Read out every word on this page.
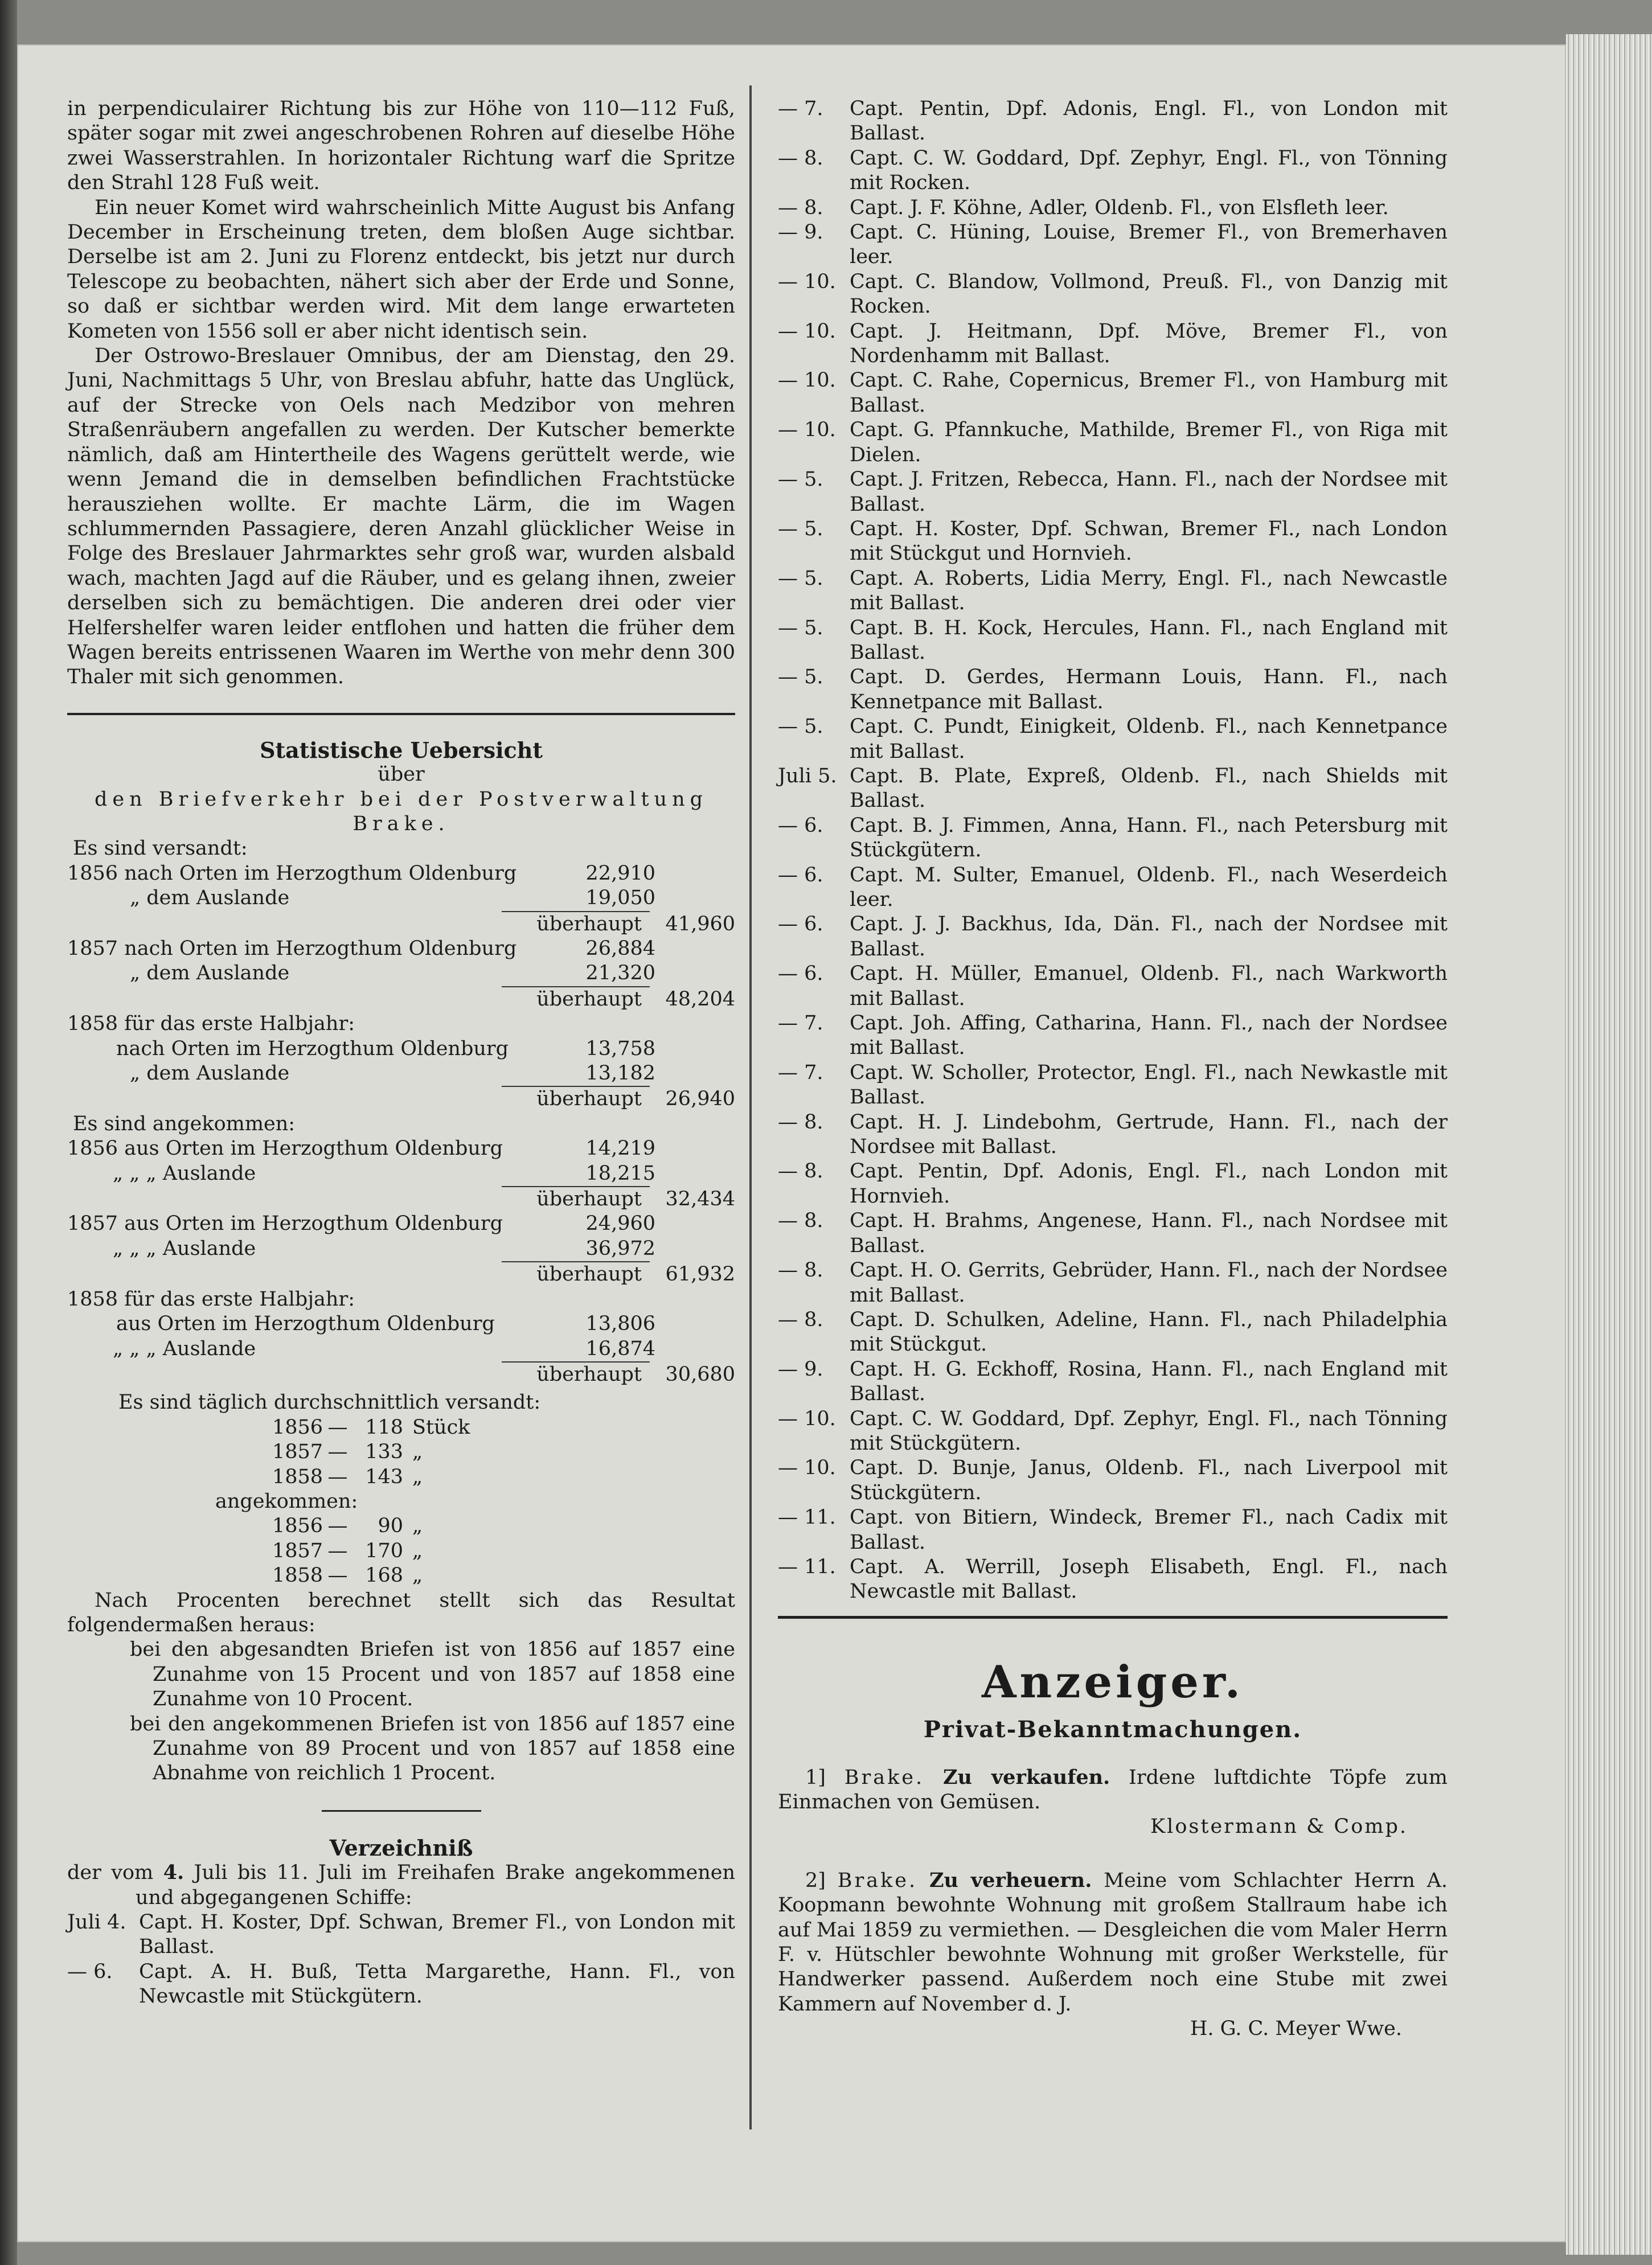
in perpendiculairer Richtung bis zur Höhe von 110—112 Fuß, später sogar mit zwei angeschrobenen Rohren auf dieselbe Höhe zwei Wasserstrahlen. In horizontaler Richtung warf die Spritze den Strahl 128 Fuß weit.

Ein neuer Komet wird wahrscheinlich Mitte August bis Anfang December in Erscheinung treten, dem bloßen Auge sichtbar. Derselbe ist am 2. Juni zu Florenz entdeckt, bis jetzt nur durch Telescope zu beobachten, nähert sich aber der Erde und Sonne, so daß er sichtbar werden wird. Mit dem lange erwarteten Kometen von 1556 soll er aber nicht identisch sein.

Der Ostrowo-Breslauer Omnibus, der am Dienstag, den 29. Juni, Nachmittags 5 Uhr, von Breslau abfuhr, hatte das Unglück, auf der Strecke von Oels nach Medzibor von mehren Straßenräubern angefallen zu werden. Der Kutscher bemerkte nämlich, daß am Hintertheile des Wagens gerüttelt werde, wie wenn Jemand die in demselben befindlichen Frachtstücke herausziehen wollte. Er machte Lärm, die im Wagen schlummernden Passagiere, deren Anzahl glücklicher Weise in Folge des Breslauer Jahrmarktes sehr groß war, wurden alsbald wach, machten Jagd auf die Räuber, und es gelang ihnen, zweier derselben sich zu bemächtigen. Die anderen drei oder vier Helfershelfer waren leider entflohen und hatten die früher dem Wagen bereits entrissenen Waaren im Werthe von mehr denn 300 Thaler mit sich genommen.

Statistische Uebersicht
über
den Briefverkehr bei der Postverwaltung Brake.
Es sind versandt:
1856 nach Orten im Herzogthum Oldenburg	22,910
„ dem Auslande	19,050
überhaupt	41,960
1857 nach Orten im Herzogthum Oldenburg	26,884
„ dem Auslande	21,320
überhaupt	48,204
1858 für das erste Halbjahr:
nach Orten im Herzogthum Oldenburg	13,758
„ dem Auslande	13,182
überhaupt	26,940
Es sind angekommen:
1856 aus Orten im Herzogthum Oldenburg	14,219
„ „ „ Auslande	18,215
überhaupt	32,434
1857 aus Orten im Herzogthum Oldenburg	24,960
„ „ „ Auslande	36,972
überhaupt	61,932
1858 für das erste Halbjahr:
aus Orten im Herzogthum Oldenburg	13,806
„ „ „ Auslande	16,874
überhaupt	30,680
Es sind täglich durchschnittlich versandt:
1856 — 118 Stück
1857 — 133 „
1858 — 143 „
angekommen:
1856 —	90 „
1857 — 170 „
1858 — 168 „

Nach Procenten berechnet stellt sich das Resultat folgendermaßen heraus:

bei den abgesandten Briefen ist von 1856 auf 1857 eine Zunahme von 15 Procent und von 1857 auf 1858 eine Zunahme von 10 Procent.

bei den angekommenen Briefen ist von 1856 auf 1857 eine Zunahme von 89 Procent und von 1857 auf 1858 eine Abnahme von reichlich 1 Procent.

Verzeichniß

der vom 4. Juli bis 11. Juli im Freihafen Brake angekommenen und abgegangenen Schiffe:

Juli 4. Capt. H. Koster, Dpf. Schwan, Bremer Fl., von London mit Ballast.
— 6.	Capt. A. H. Buß, Tetta Margarethe, Hann. Fl., von Newcastle mit Stückgütern.
— 7.	Capt. Pentin, Dpf. Adonis, Engl. Fl., von London mit Ballast.
— 8.	Capt. C. W. Goddard, Dpf. Zephyr, Engl. Fl., von Tönning mit Rocken.
— 8.	Capt. J. F. Köhne, Adler, Oldenb. Fl., von Elsfleth leer.
— 9.	Capt. C. Hüning, Louise, Bremer Fl., von Bremerhaven leer.
— 10. Capt. C. Blandow, Vollmond, Preuß. Fl., von Danzig mit Rocken.
— 10. Capt. J. Heitmann, Dpf. Möve, Bremer Fl., von Nordenhamm mit Ballast.
— 10. Capt. C. Rahe, Copernicus, Bremer Fl., von Hamburg mit Ballast.
— 10. Capt. G. Pfannkuche, Mathilde, Bremer Fl., von Riga mit Dielen.
— 5.	Capt. J. Fritzen, Rebecca, Hann. Fl., nach der Nordsee mit Ballast.
— 5.	Capt. H. Koster, Dpf. Schwan, Bremer Fl., nach London mit Stückgut und Hornvieh.
— 5.	Capt. A. Roberts, Lidia Merry, Engl. Fl., nach Newcastle mit Ballast.
— 5.	Capt. B. H. Kock, Hercules, Hann. Fl., nach England mit Ballast.
— 5.	Capt. D. Gerdes, Hermann Louis, Hann. Fl., nach Kennetpance mit Ballast.
— 5.	Capt. C. Pundt, Einigkeit, Oldenb. Fl., nach Kennetpance mit Ballast.
Juli 5. Capt. B. Plate, Expreß, Oldenb. Fl., nach Shields mit Ballast.
— 6.	Capt. B. J. Fimmen, Anna, Hann. Fl., nach Petersburg mit Stückgütern.
— 6.	Capt. M. Sulter, Emanuel, Oldenb. Fl., nach Weserdeich leer.
— 6.	Capt. J. J. Backhus, Ida, Dän. Fl., nach der Nordsee mit Ballast.
— 6.	Capt. H. Müller, Emanuel, Oldenb. Fl., nach Warkworth mit Ballast.
— 7.	Capt. Joh. Affing, Catharina, Hann. Fl., nach der Nordsee mit Ballast.
— 7.	Capt. W. Scholler, Protector, Engl. Fl., nach Newkastle mit Ballast.
— 8.	Capt. H. J. Lindebohm, Gertrude, Hann. Fl., nach der Nordsee mit Ballast.
— 8.	Capt. Pentin, Dpf. Adonis, Engl. Fl., nach London mit Hornvieh.
— 8.	Capt. H. Brahms, Angenese, Hann. Fl., nach Nordsee mit Ballast.
— 8.	Capt. H. O. Gerrits, Gebrüder, Hann. Fl., nach der Nordsee mit Ballast.
— 8.	Capt. D. Schulken, Adeline, Hann. Fl., nach Philadelphia mit Stückgut.
— 9.	Capt. H. G. Eckhoff, Rosina, Hann. Fl., nach England mit Ballast.
— 10. Capt. C. W. Goddard, Dpf. Zephyr, Engl. Fl., nach Tönning mit Stückgütern.
— 10. Capt. D. Bunje, Janus, Oldenb. Fl., nach Liverpool mit Stückgütern.
— 11. Capt. von Bitiern, Windeck, Bremer Fl., nach Cadix mit Ballast.
— 11. Capt. A. Werrill, Joseph Elisabeth, Engl. Fl., nach Newcastle mit Ballast.
Anzeiger.
Privat-Bekanntmachungen.

1] Brake. Zu verkaufen. Irdene luftdichte Töpfe zum Einmachen von Gemüsen.

Klostermann & Comp.

2] Brake. Zu verheuern. Meine vom Schlachter Herrn A. Koopmann bewohnte Wohnung mit großem Stallraum habe ich auf Mai 1859 zu vermiethen. — Desgleichen die vom Maler Herrn F. v. Hütschler bewohnte Wohnung mit großer Werkstelle, für Handwerker passend. Außerdem noch eine Stube mit zwei Kammern auf November d. J.

H. G. C. Meyer Wwe.
